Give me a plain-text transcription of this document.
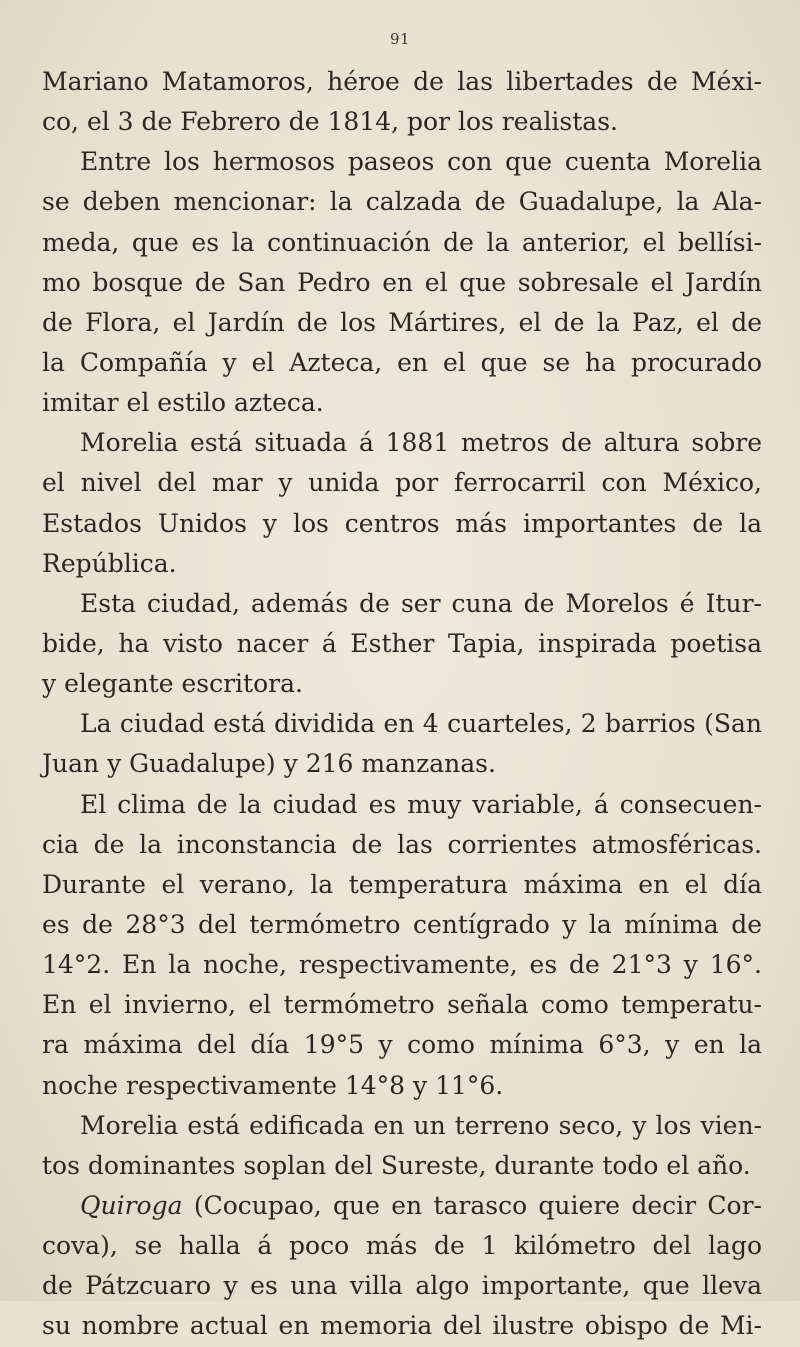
91
Mariano Matamoros, héroe de las libertades de Méxi-
co, el 3 de Febrero de 1814, por los realistas.
Entre los hermosos paseos con que cuenta Morelia
se deben mencionar: la calzada de Guadalupe, la Ala-
meda, que es la continuación de la anterior, el bellísi-
mo bosque de San Pedro en el que sobresale el Jardín
de Flora, el Jardín de los Mártires, el de la Paz, el de
la Compañía y el Azteca, en el que se ha procurado
imitar el estilo azteca.
Morelia está situada á 1881 metros de altura sobre
el nivel del mar y unida por ferrocarril con México,
Estados Unidos y los centros más importantes de la
República.
Esta ciudad, además de ser cuna de Morelos é Itur-
bide, ha visto nacer á Esther Tapia, inspirada poetisa
y elegante escritora.
La ciudad está dividida en 4 cuarteles, 2 barrios (San
Juan y Guadalupe) y 216 manzanas.
El clima de la ciudad es muy variable, á consecuen-
cia de la inconstancia de las corrientes atmosféricas.
Durante el verano, la temperatura máxima en el día
es de 28°3 del termómetro centígrado y la mínima de
14°2. En la noche, respectivamente, es de 21°3 y 16°.
En el invierno, el termómetro señala como temperatu-
ra máxima del día 19°5 y como mínima 6°3, y en la
noche respectivamente 14°8 y 11°6.
Morelia está edificada en un terreno seco, y los vien-
tos dominantes soplan del Sureste, durante todo el año.
Quiroga (Cocupao, que en tarasco quiere decir Cor-
cova), se halla á poco más de 1 kilómetro del lago
de Pátzcuaro y es una villa algo importante, que lleva
su nombre actual en memoria del ilustre obispo de Mi-
